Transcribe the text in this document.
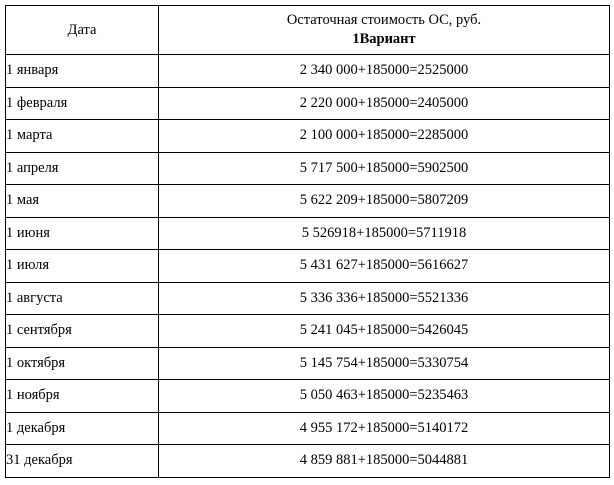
Дата	Остаточная стоимость ОС, руб.
1Вариант

1 января	2 340 000+185000=2525000
1 февраля	2 220 000+185000=2405000
1 марта	2 100 000+185000=2285000
1 апреля	5 717 500+185000=5902500
1 мая	5 622 209+185000=5807209
1 июня	5 526918+185000=5711918
1 июля	5 431 627+185000=5616627
1 августа	5 336 336+185000=5521336
1 сентября	5 241 045+185000=5426045
1 октября	5 145 754+185000=5330754
1 ноября	5 050 463+185000=5235463
1 декабря	4 955 172+185000=5140172
31 декабря	4 859 881+185000=5044881
